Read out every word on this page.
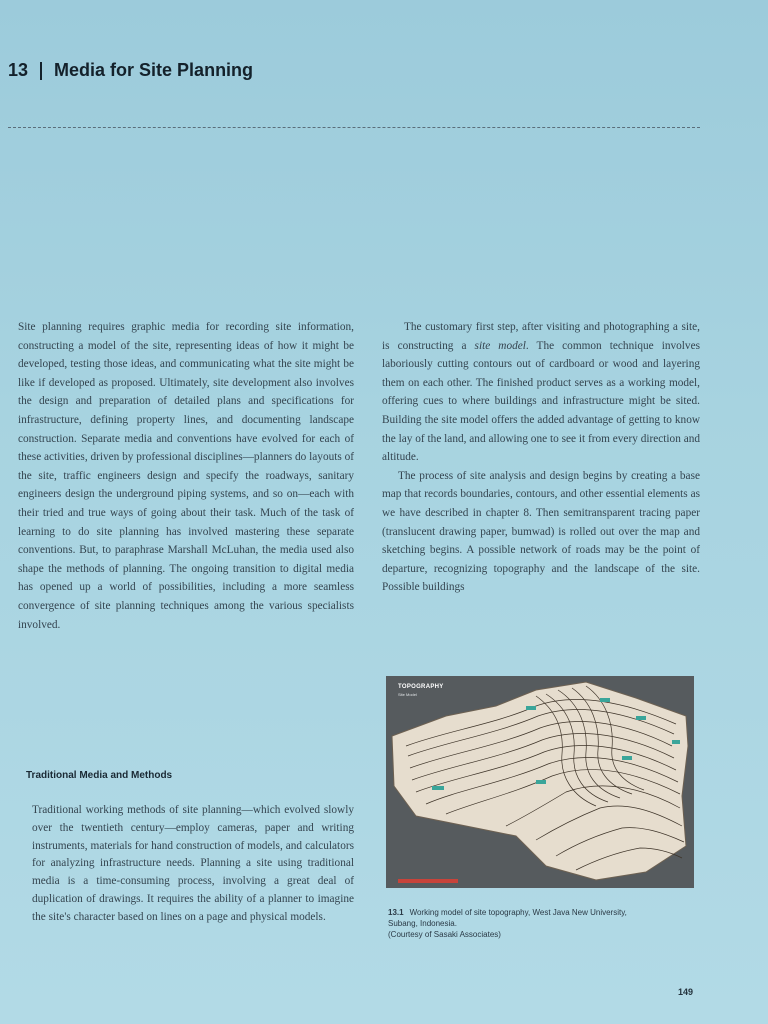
13 Media for Site Planning

Site planning requires graphic media for recording site information, constructing a model of the site, representing ideas of how it might be developed, testing those ideas, and communicating what the site might be like if developed as proposed. Ultimately, site development also involves the design and preparation of detailed plans and specifications for infrastructure, defining property lines, and documenting landscape construction. Separate media and conventions have evolved for each of these activities, driven by professional disciplines—planners do layouts of the site, traffic engineers design and specify the roadways, sanitary engineers design the underground piping systems, and so on—each with their tried and true ways of going about their task. Much of the task of learning to do site planning has involved mastering these separate conventions. But, to paraphrase Marshall McLuhan, the media used also shape the methods of planning. The ongoing transition to digital media has opened up a world of possibilities, including a more seamless convergence of site planning techniques among the various specialists involved.

Traditional Media and Methods

Traditional working methods of site planning—which evolved slowly over the twentieth century—employ cameras, paper and writing instruments, materials for hand construction of models, and calculators for analyzing infrastructure needs. Planning a site using traditional media is a time-consuming process, involving a great deal of duplication of drawings. It requires the ability of a planner to imagine the site's character based on lines on a page and physical models.

The customary first step, after visiting and photographing a site, is constructing a site model. The common technique involves laboriously cutting contours out of cardboard or wood and layering them on each other. The finished product serves as a working model, offering cues to where buildings and infrastructure might be sited. Building the site model offers the added advantage of getting to know the lay of the land, and allowing one to see it from every direction and altitude.

The process of site analysis and design begins by creating a base map that records boundaries, contours, and other essential elements as we have described in chapter 8. Then semitransparent tracing paper (translucent drawing paper, bumwad) is rolled out over the map and sketching begins. A possible network of roads may be the point of departure, recognizing topography and the landscape of the site. Possible buildings

TOPOGRAPHY
Site Model
13.1 Working model of site topography, West Java New University,
Subang, Indonesia.
(Courtesy of Sasaki Associates)
149
